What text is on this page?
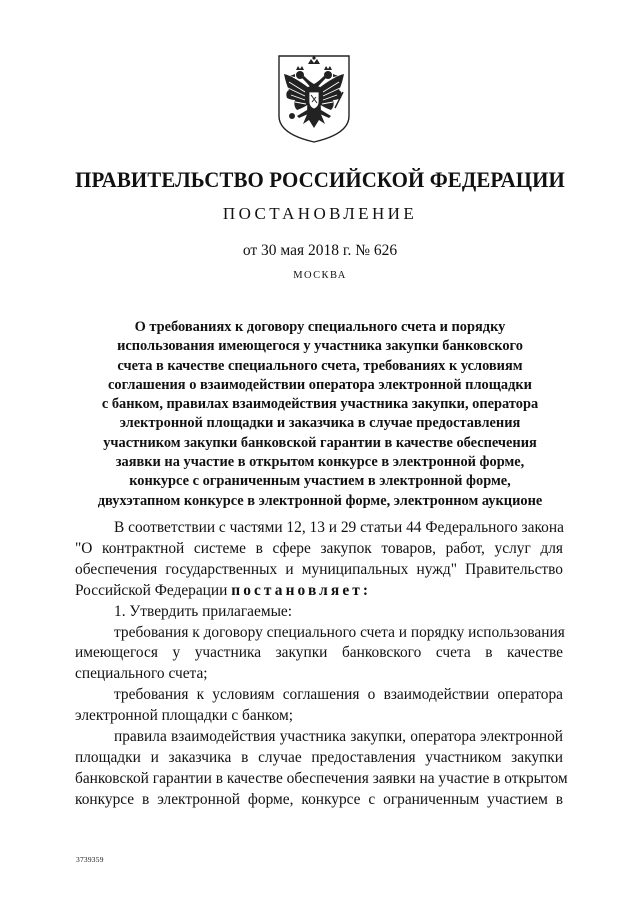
ПРАВИТЕЛЬСТВО РОССИЙСКОЙ ФЕДЕРАЦИИ
ПОСТАНОВЛЕНИЕ
от 30 мая 2018 г. № 626
МОСКВА
О требованиях к договору специального счета и порядку
использования имеющегося у участника закупки банковского
счета в качестве специального счета, требованиях к условиям
соглашения о взаимодействии оператора электронной площадки
с банком, правилах взаимодействия участника закупки, оператора
электронной площадки и заказчика в случае предоставления
участником закупки банковской гарантии в качестве обеспечения
заявки на участие в открытом конкурсе в электронной форме,
конкурсе с ограниченным участием в электронной форме,
двухэтапном конкурсе в электронной форме, электронном аукционе
В соответствии с частями 12, 13 и 29 статьи 44 Федерального закона
"О контрактной системе в сфере закупок товаров, работ, услуг для
обеспечения государственных и муниципальных нужд" Правительство
Российской Федерации постановляет:
1. Утвердить прилагаемые:
требования к договору специального счета и порядку использования
имеющегося у участника закупки банковского счета в качестве
специального счета;
требования к условиям соглашения о взаимодействии оператора
электронной площадки с банком;
правила взаимодействия участника закупки, оператора электронной
площадки и заказчика в случае предоставления участником закупки
банковской гарантии в качестве обеспечения заявки на участие в открытом
конкурсе в электронной форме, конкурсе с ограниченным участием в
3739359
